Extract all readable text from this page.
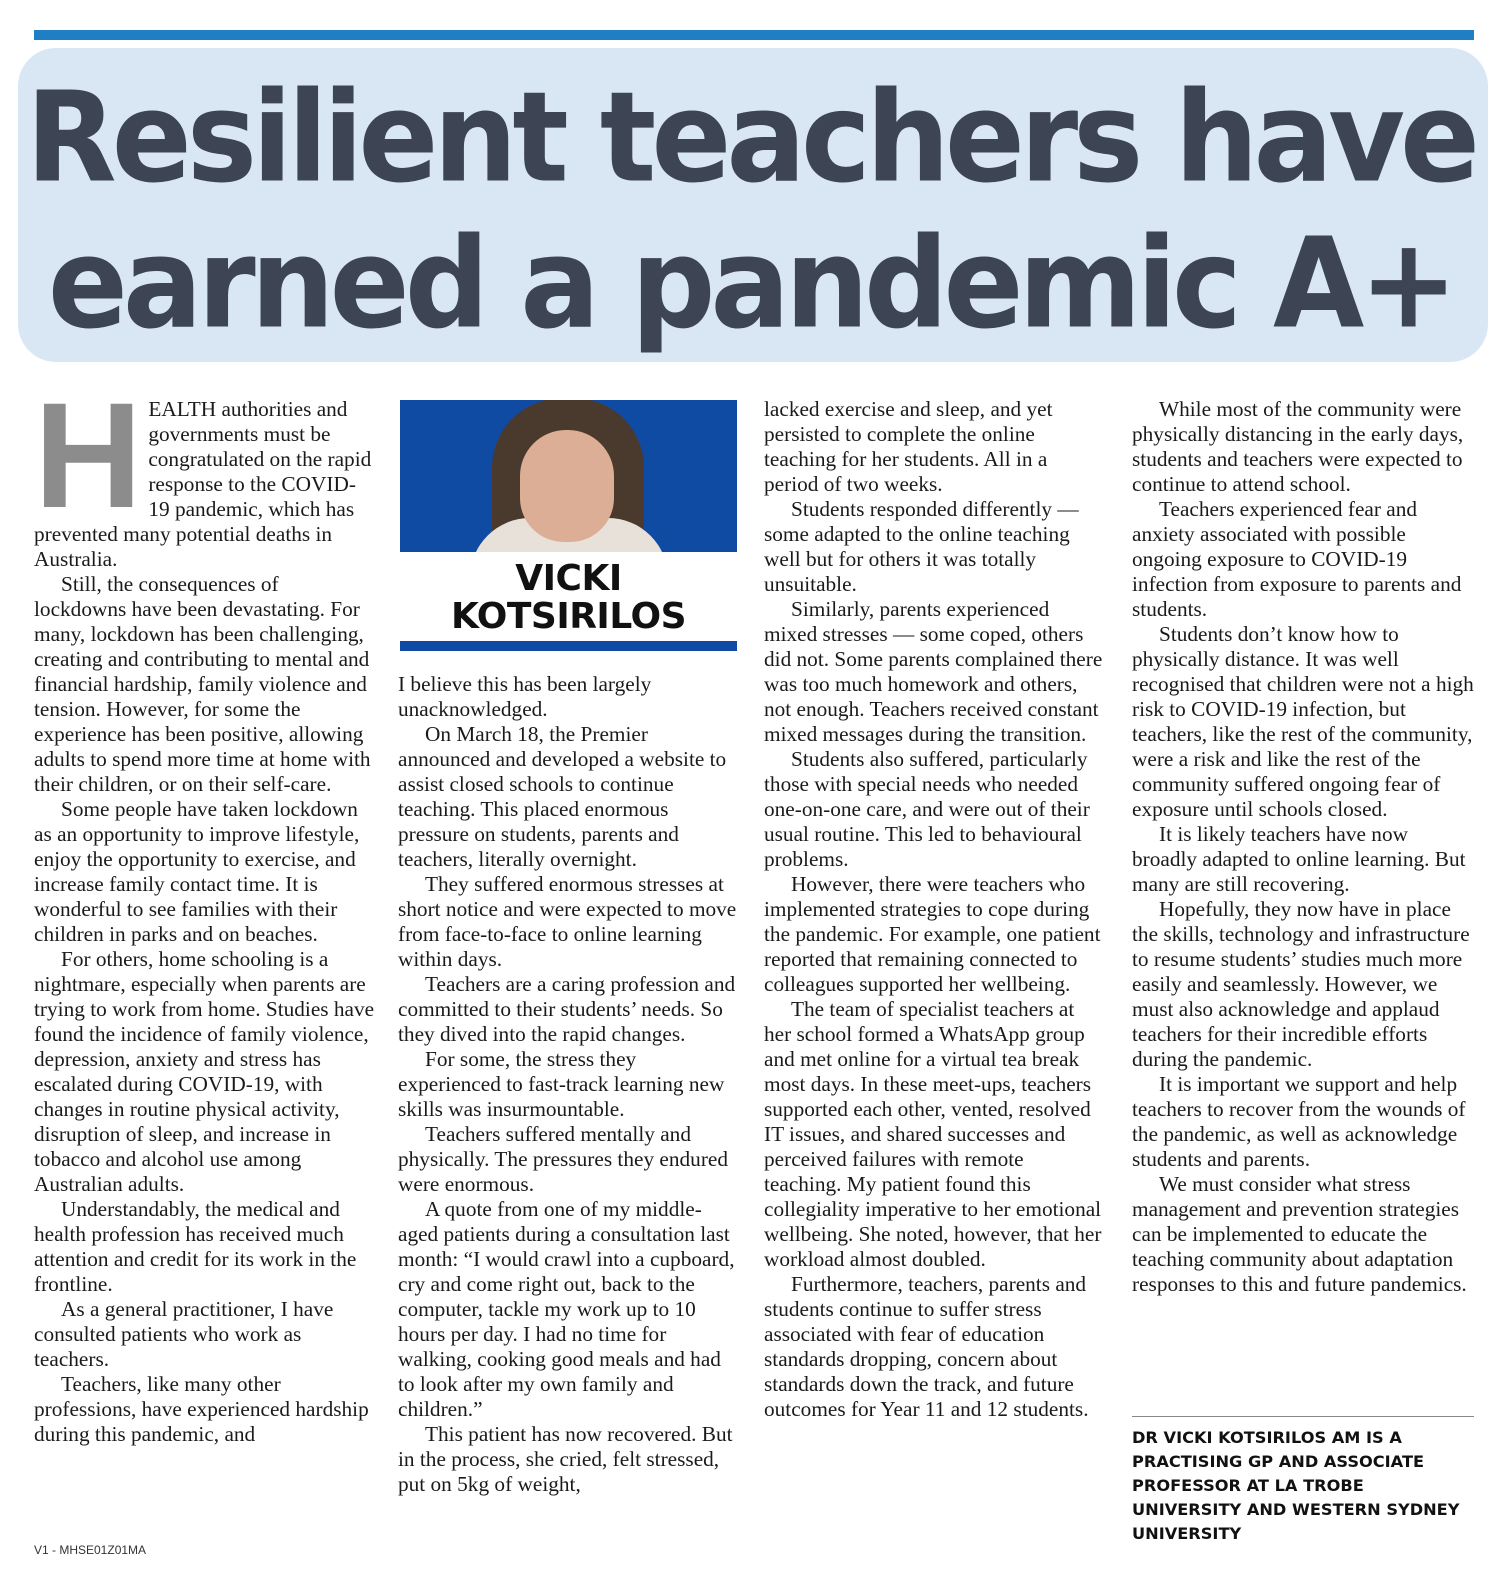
Resilient teachers have
earned a pandemic A+

HEALTH authorities and governments must be congratulated on the rapid response to the COVID-19 pandemic, which has prevented many potential deaths in Australia.

Still, the consequences of lockdowns have been devastating. For many, lockdown has been challenging, creating and contributing to mental and financial hardship, family violence and tension. However, for some the experience has been positive, allowing adults to spend more time at home with their children, or on their self-care.

Some people have taken lockdown as an opportunity to improve lifestyle, enjoy the opportunity to exercise, and increase family contact time. It is wonderful to see families with their children in parks and on beaches.

For others, home schooling is a nightmare, especially when parents are trying to work from home. Studies have found the incidence of family violence, depression, anxiety and stress has escalated during COVID-19, with changes in routine physical activity, disruption of sleep, and increase in tobacco and alcohol use among Australian adults.

Understandably, the medical and health profession has received much attention and credit for its work in the frontline.

As a general practitioner, I have consulted patients who work as teachers.

Teachers, like many other professions, have experienced hardship during this pandemic, and

VICKI
KOTSIRILOS

I believe this has been largely unacknowledged.

On March 18, the Premier announced and developed a website to assist closed schools to continue teaching. This placed enormous pressure on students, parents and teachers, literally overnight.

They suffered enormous stresses at short notice and were expected to move from face-to-face to online learning within days.

Teachers are a caring profession and committed to their students’ needs. So they dived into the rapid changes.

For some, the stress they experienced to fast-track learning new skills was insurmountable.

Teachers suffered mentally and physically. The pressures they endured were enormous.

A quote from one of my middle-aged patients during a consultation last month: “I would crawl into a cupboard, cry and come right out, back to the computer, tackle my work up to 10 hours per day. I had no time for walking, cooking good meals and had to look after my own family and children.”

This patient has now recovered. But in the process, she cried, felt stressed, put on 5kg of weight,

lacked exercise and sleep, and yet persisted to complete the online teaching for her students. All in a period of two weeks.

Students responded differently — some adapted to the online teaching well but for others it was totally unsuitable.

Similarly, parents experienced mixed stresses — some coped, others did not. Some parents complained there was too much homework and others, not enough. Teachers received constant mixed messages during the transition.

Students also suffered, particularly those with special needs who needed one-on-one care, and were out of their usual routine. This led to behavioural problems.

However, there were teachers who implemented strategies to cope during the pandemic. For example, one patient reported that remaining connected to colleagues supported her wellbeing.

The team of specialist teachers at her school formed a WhatsApp group and met online for a virtual tea break most days. In these meet-ups, teachers supported each other, vented, resolved IT issues, and shared successes and perceived failures with remote teaching. My patient found this collegiality imperative to her emotional wellbeing. She noted, however, that her workload almost doubled.

Furthermore, teachers, parents and students continue to suffer stress associated with fear of education standards dropping, concern about standards down the track, and future outcomes for Year 11 and 12 students.

While most of the community were physically distancing in the early days, students and teachers were expected to continue to attend school.

Teachers experienced fear and anxiety associated with possible ongoing exposure to COVID-19 infection from exposure to parents and students.

Students don’t know how to physically distance. It was well recognised that children were not a high risk to COVID-19 infection, but teachers, like the rest of the community, were a risk and like the rest of the community suffered ongoing fear of exposure until schools closed.

It is likely teachers have now broadly adapted to online learning. But many are still recovering.

Hopefully, they now have in place the skills, technology and infrastructure to resume students’ studies much more easily and seamlessly. However, we must also acknowledge and applaud teachers for their incredible efforts during the pandemic.

It is important we support and help teachers to recover from the wounds of the pandemic, as well as acknowledge students and parents.

We must consider what stress management and prevention strategies can be implemented to educate the teaching community about adaptation responses to this and future pandemics.

DR VICKI KOTSIRILOS AM IS A PRACTISING GP AND ASSOCIATE PROFESSOR AT LA TROBE UNIVERSITY AND WESTERN SYDNEY UNIVERSITY

V1 - MHSE01Z01MA
